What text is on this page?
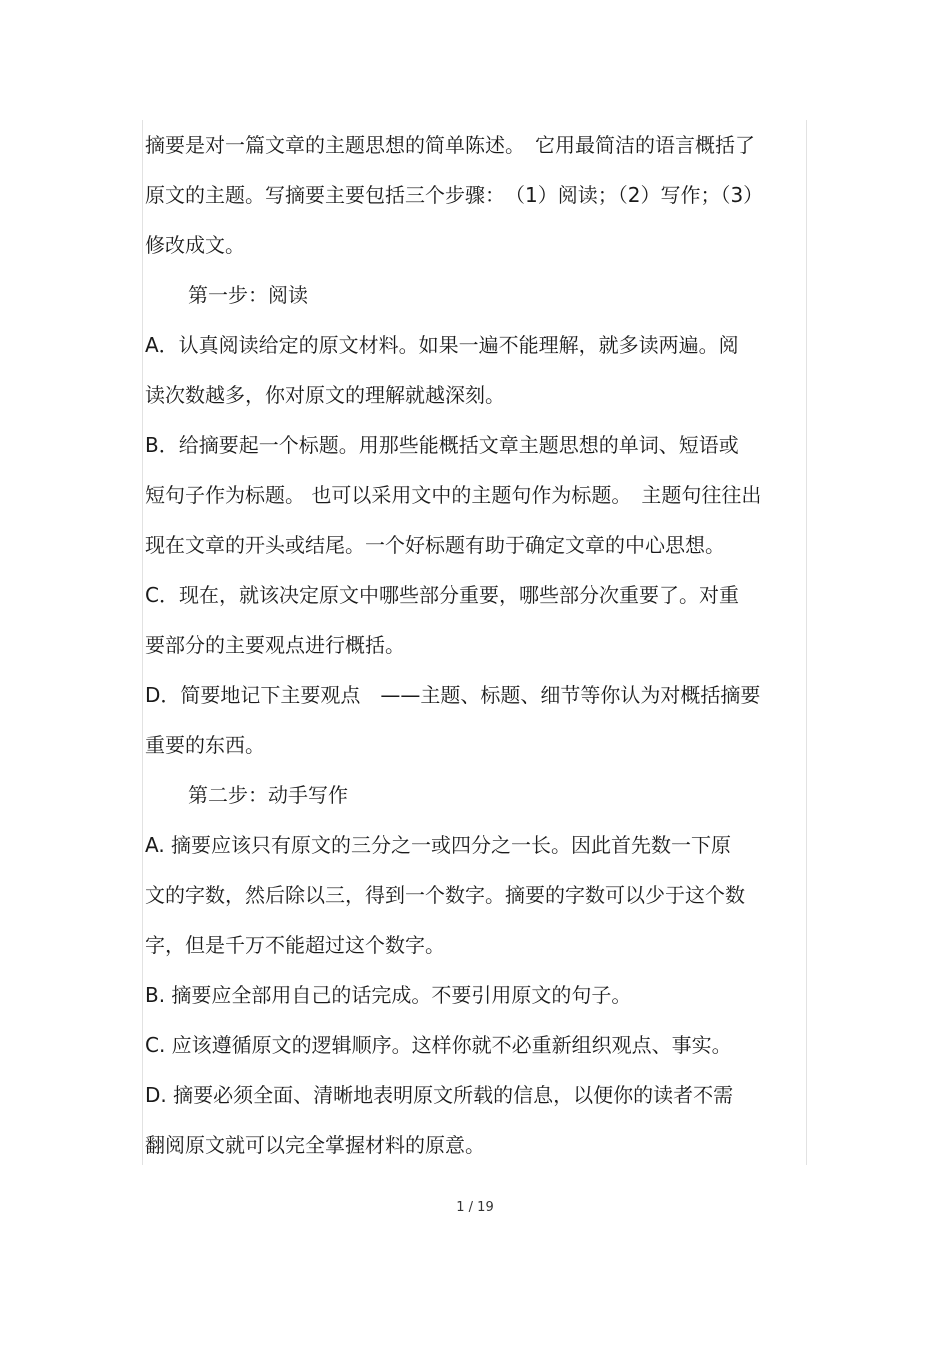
摘要是对一篇文章的主题思想的简单陈述。　它用最简洁的语言概括了
原文的主题。写摘要主要包括三个步骤：　（1）阅读；（2）写作；（3）
修改成文。
第一步：阅读
A．认真阅读给定的原文材料。如果一遍不能理解，就多读两遍。阅
读次数越多，你对原文的理解就越深刻。
B．给摘要起一个标题。用那些能概括文章主题思想的单词、短语或
短句子作为标题。 也可以采用文中的主题句作为标题。　主题句往往出
现在文章的开头或结尾。一个好标题有助于确定文章的中心思想。
C．现在，就该决定原文中哪些部分重要，哪些部分次重要了。对重
要部分的主要观点进行概括。
D．简要地记下主要观点　——主题、标题、细节等你认为对概括摘要
重要的东西。
第二步：动手写作
A. 摘要应该只有原文的三分之一或四分之一长。因此首先数一下原
文的字数，然后除以三，得到一个数字。摘要的字数可以少于这个数
字，但是千万不能超过这个数字。
B. 摘要应全部用自己的话完成。不要引用原文的句子。
C. 应该遵循原文的逻辑顺序。这样你就不必重新组织观点、事实。
D. 摘要必须全面、清晰地表明原文所载的信息，以便你的读者不需
翻阅原文就可以完全掌握材料的原意。
1 / 19
